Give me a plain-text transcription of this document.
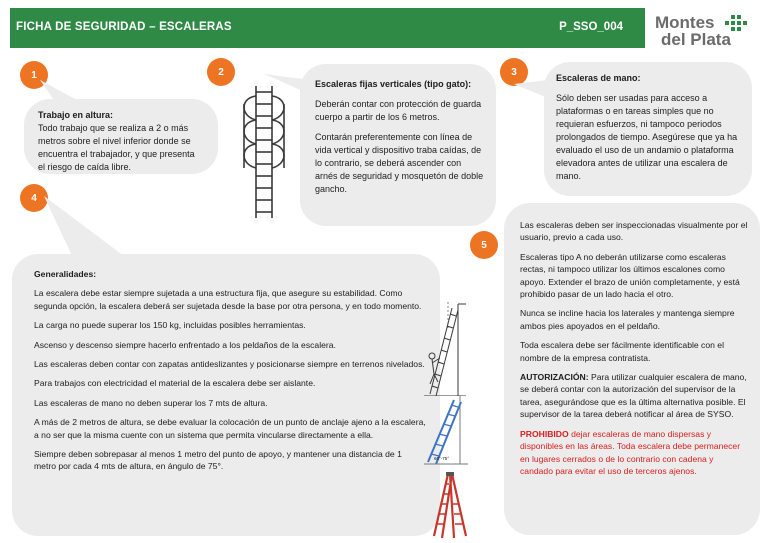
FICHA DE SEGURIDAD – ESCALERAS	P_SSO_004 Montes
del Plata
1
Trabajo en altura:
Todo trabajo que se realiza a 2 o más metros sobre el nivel inferior donde se encuentra el trabajador, y que presenta el riesgo de caída libre.
2

Escaleras fijas verticales (tipo gato):

Deberán contar con protección de guarda cuerpo a partir de los 6 metros.

Contarán preferentemente con línea de vida vertical y dispositivo traba caídas, de lo contrario, se deberá ascender con arnés de seguridad y mosquetón de doble gancho.

3

Escaleras de mano:

Sólo deben ser usadas para acceso a plataformas o en tareas simples que no requieran esfuerzos, ni tampoco periodos prolongados de tiempo. Asegúrese que ya ha evaluado el uso de un andamio o plataforma elevadora antes de utilizar una escalera de mano.

4

Generalidades:

La escalera debe estar siempre sujetada a una estructura fija, que asegure su estabilidad. Como segunda opción, la escalera deberá ser sujetada desde la base por otra persona, y en todo momento.

La carga no puede superar los 150 kg, incluidas posibles herramientas.

Ascenso y descenso siempre hacerlo enfrentado a los peldaños de la escalera.

Las escaleras deben contar con zapatas antideslizantes y posicionarse siempre en terrenos nivelados.

Para trabajos con electricidad el material de la escalera debe ser aislante.

Las escaleras de mano no deben superar los 7 mts de altura.

A más de 2 metros de altura, se debe evaluar la colocación de un punto de anclaje ajeno a la escalera, a no ser que la misma cuente con un sistema que permita vincularse directamente a ella.

Siempre deben sobrepasar al menos 1 metro del punto de apoyo, y mantener una distancia de 1 metro por cada 4 mts de altura, en ángulo de 75°.

60°-75°
5

Las escaleras deben ser inspeccionadas visualmente por el usuario, previo a cada uso.

Escaleras tipo A no deberán utilizarse como escaleras rectas, ni tampoco utilizar los últimos escalones como apoyo. Extender el brazo de unión completamente, y está prohibido pasar de un lado hacia el otro.

Nunca se incline hacia los laterales y mantenga siempre ambos pies apoyados en el peldaño.

Toda escalera debe ser fácilmente identificable con el nombre de la empresa contratista.

AUTORIZACIÓN: Para utilizar cualquier escalera de mano, se deberá contar con la autorización del supervisor de la tarea, asegurándose que es la última alternativa posible. El supervisor de la tarea deberá notificar al área de SYSO.

PROHIBIDO dejar escaleras de mano dispersas y disponibles en las áreas. Toda escalera debe permanecer en lugares cerrados o de lo contrario con cadena y candado para evitar el uso de terceros ajenos.
